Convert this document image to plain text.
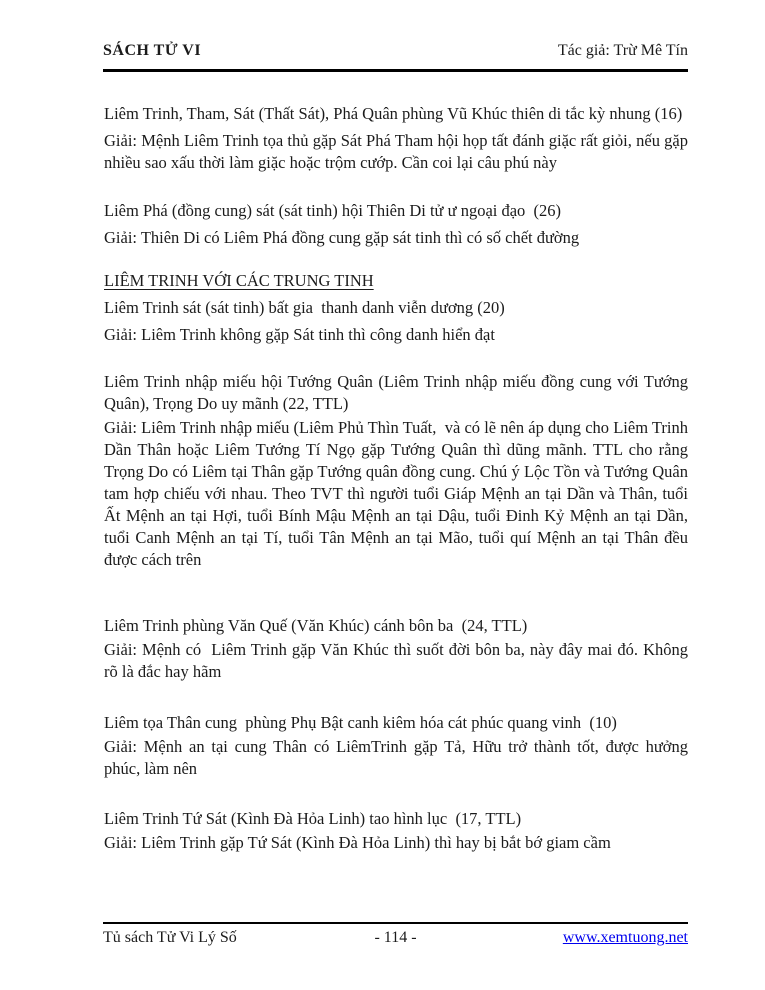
SÁCH TỬ VI	Tác giả: Trừ Mê Tín

Liêm Trinh, Tham, Sát (Thất Sát), Phá Quân phùng Vũ Khúc thiên di tắc kỳ nhung (16)

Giải: Mệnh Liêm Trinh tọa thủ gặp Sát Phá Tham hội họp tất đánh giặc rất giỏi, nếu gặp nhiều sao xấu thời làm giặc hoặc trộm cướp. Cần coi lại câu phú này

Liêm Phá (đồng cung) sát (sát tinh) hội Thiên Di tử ư ngoại đạo  (26)

Giải: Thiên Di có Liêm Phá đồng cung gặp sát tinh thì có số chết đường

LIÊM TRINH VỚI CÁC TRUNG TINH

Liêm Trinh sát (sát tinh) bất gia  thanh danh viễn dương (20)

Giải: Liêm Trinh không gặp Sát tinh thì công danh hiển đạt

Liêm Trinh nhập miếu hội Tướng Quân (Liêm Trinh nhập miếu đồng cung với Tướng Quân), Trọng Do uy mãnh (22, TTL)

Giải: Liêm Trinh nhập miếu (Liêm Phủ Thìn Tuất,  và có lẽ nên áp dụng cho Liêm Trinh Dần Thân hoặc Liêm Tướng Tí Ngọ gặp Tướng Quân thì dũng mãnh. TTL cho rằng Trọng Do có Liêm tại Thân gặp Tướng quân đồng cung. Chú ý Lộc Tồn và Tướng Quân tam hợp chiếu với nhau. Theo TVT thì người tuổi Giáp Mệnh an tại Dần và Thân, tuổi Ất Mệnh an tại Hợi, tuổi Bính Mậu Mệnh an tại Dậu, tuổi Đinh Kỷ Mệnh an tại Dần, tuổi Canh Mệnh an tại Tí, tuổi Tân Mệnh an tại Mão, tuổi quí Mệnh an tại Thân đều được cách trên

Liêm Trinh phùng Văn Quế (Văn Khúc) cánh bôn ba  (24, TTL)

Giải: Mệnh có  Liêm Trinh gặp Văn Khúc thì suốt đời bôn ba, này đây mai đó. Không rõ là đắc hay hãm

Liêm tọa Thân cung  phùng Phụ Bật canh kiêm hóa cát phúc quang vinh  (10)

Giải: Mệnh an tại cung Thân có LiêmTrinh gặp Tả, Hữu trở thành tốt, được hưởng phúc, làm nên

Liêm Trinh Tứ Sát (Kình Đà Hỏa Linh) tao hình lục  (17, TTL)

Giải: Liêm Trinh gặp Tứ Sát (Kình Đà Hỏa Linh) thì hay bị bắt bớ giam cầm

Tủ sách Tử Vi Lý Số	- 114 -	www.xemtuong.net
